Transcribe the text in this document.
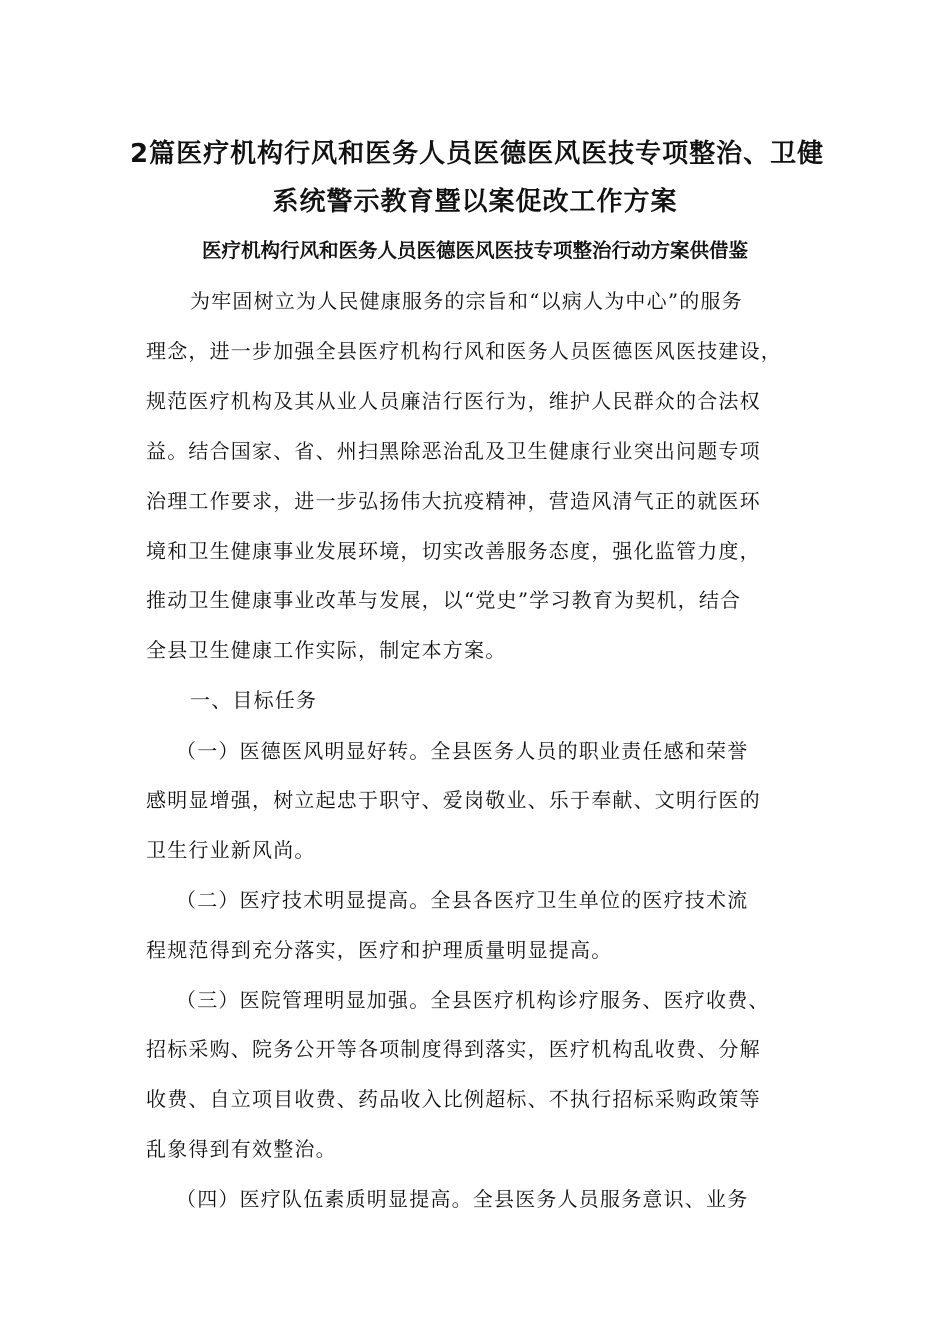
2篇医疗机构行风和医务人员医德医风医技专项整治、卫健
系统警示教育暨以案促改工作方案
医疗机构行风和医务人员医德医风医技专项整治行动方案供借鉴
为牢固树立为人民健康服务的宗旨和“以病人为中心”的服务
理念，进一步加强全县医疗机构行风和医务人员医德医风医技建设，
规范医疗机构及其从业人员廉洁行医行为，维护人民群众的合法权
益。结合国家、省、州扫黑除恶治乱及卫生健康行业突出问题专项
治理工作要求，进一步弘扬伟大抗疫精神，营造风清气正的就医环
境和卫生健康事业发展环境，切实改善服务态度，强化监管力度，
推动卫生健康事业改革与发展，以“党史”学习教育为契机，结合
全县卫生健康工作实际，制定本方案。
一、目标任务
（一）医德医风明显好转。全县医务人员的职业责任感和荣誉
感明显增强，树立起忠于职守、爱岗敬业、乐于奉献、文明行医的
卫生行业新风尚。
（二）医疗技术明显提高。全县各医疗卫生单位的医疗技术流
程规范得到充分落实，医疗和护理质量明显提高。
（三）医院管理明显加强。全县医疗机构诊疗服务、医疗收费、
招标采购、院务公开等各项制度得到落实，医疗机构乱收费、分解
收费、自立项目收费、药品收入比例超标、不执行招标采购政策等
乱象得到有效整治。
（四）医疗队伍素质明显提高。全县医务人员服务意识、业务
